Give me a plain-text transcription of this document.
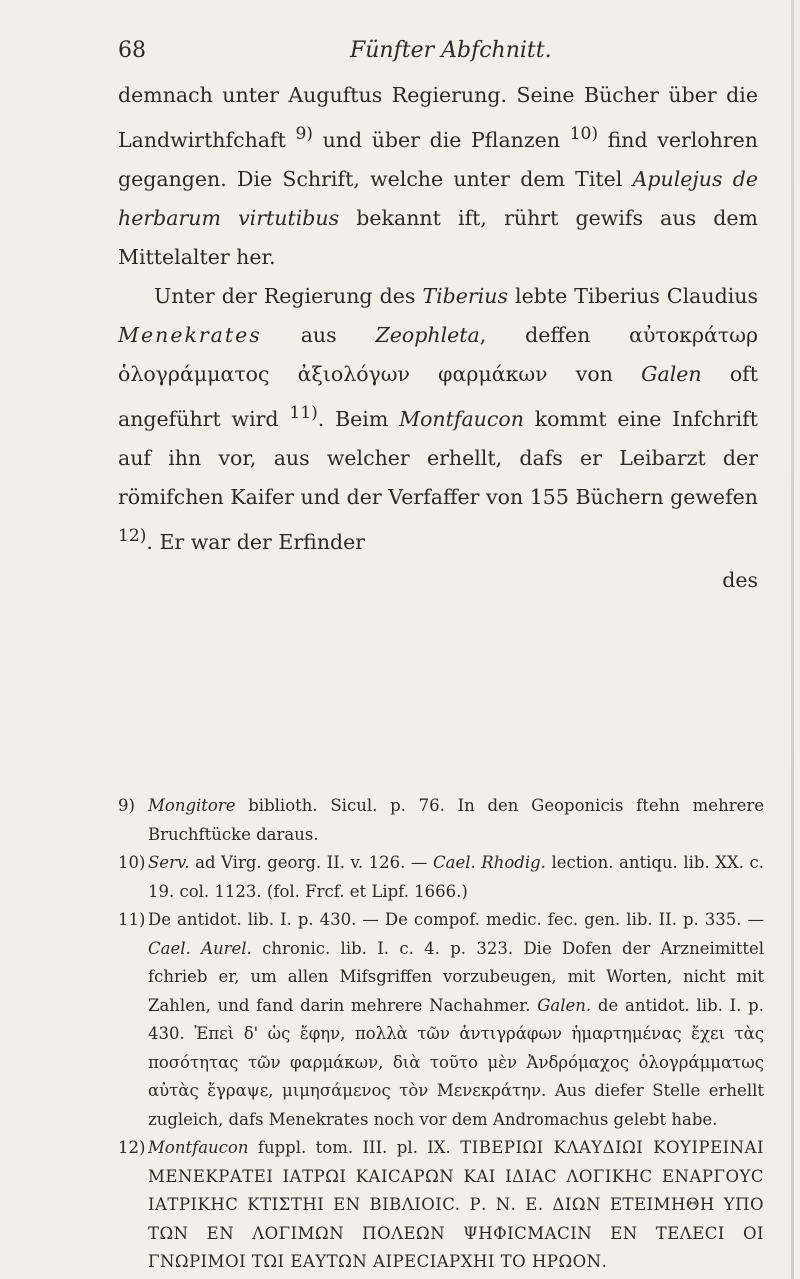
68	Fünfter Abfchnitt.

demnach unter Auguftus Regierung. Seine Bücher über die Landwirthfchaft $^{9)}$ und über die Pflanzen $^{10)}$ find verlohren gegangen. Die Schrift, welche unter dem Titel Apulejus de herbarum virtutibus bekannt ift, rührt gewifs aus dem Mittelalter her.

Unter der Regierung des Tiberius lebte Tiberius Claudius Menekrates aus Zeophleta, deffen αὐτοκράτωρ ὁλογράμματος ἀξιολόγων φαρμάκων von Galen oft angeführt wird $^{11)}$. Beim Montfaucon kommt eine Infchrift auf ihn vor, aus welcher erhellt, dafs er Leibarzt der römifchen Kaifer und der Verfaffer von 155 Büchern gewefen $^{12)}$. Er war der Erfinder

des

9) Mongitore biblioth. Sicul. p. 76. In den Geoponicis ftehn mehrere Bruchftücke daraus.

10) Serv. ad Virg. georg. II. v. 126. — Cael. Rhodig. lection. antiqu. lib. XX. c. 19. col. 1123. (fol. Frcf. et Lipf. 1666.)

11) De antidot. lib. I. p. 430. — De compof. medic. fec. gen. lib. II. p. 335. — Cael. Aurel. chronic. lib. I. c. 4. p. 323. Die Dofen der Arzneimittel fchrieb er, um allen Mifsgriffen vorzubeugen, mit Worten, nicht mit Zahlen, und fand darin mehrere Nachahmer. Galen. de antidot. lib. I. p. 430. Ἐπεὶ δ' ὡς ἔφην, πολλὰ τῶν ἀντιγράφων ἡμαρτημένας ἔχει τὰς ποσότητας τῶν φαρμάκων, διὰ τοῦτο μὲν Ἀνδρόμαχος ὁλογράμματως αὐτὰς ἔγραψε, μιμησάμενος τὸν Μενεκράτην. Aus diefer Stelle erhellt zugleich, dafs Menekrates noch vor dem Andromachus gelebt habe.

12) Montfaucon fuppl. tom. III. pl. IX. ΤΙΒΕΡΙΩΙ ΚΛΑΥΔΙΩΙ ΚΟΥΙΡΕΙΝΑΙ ΜΕΝΕΚΡΑΤΕΙ ΙΑΤΡΩΙ ΚΑΙCΑΡΩΝ ΚΑΙ ΙΔΙΑC ΛΟΓΙΚΗC ΕΝΑΡΓΟΥC ΙΑΤΡΙΚΗC ΚΤΙΣΤΗΙ ΕΝ ΒΙΒΛΙΟΙC. Ρ. Ν. Ε. ΔΙΩΝ ΕΤΕΙΜΗΘΗ ΥΠΟ ΤΩΝ ΕΝ ΛΟΓΙΜΩΝ ΠΟΛΕΩΝ ΨΗΦΙCΜΑCΙΝ ΕΝ ΤΕΛΕCΙ ΟΙ ΓΝΩΡΙΜΟΙ ΤΩΙ ΕΑΥΤΩΝ ΑΙΡΕCΙΑΡΧΗΙ ΤΟ ΗΡΩΟΝ.
